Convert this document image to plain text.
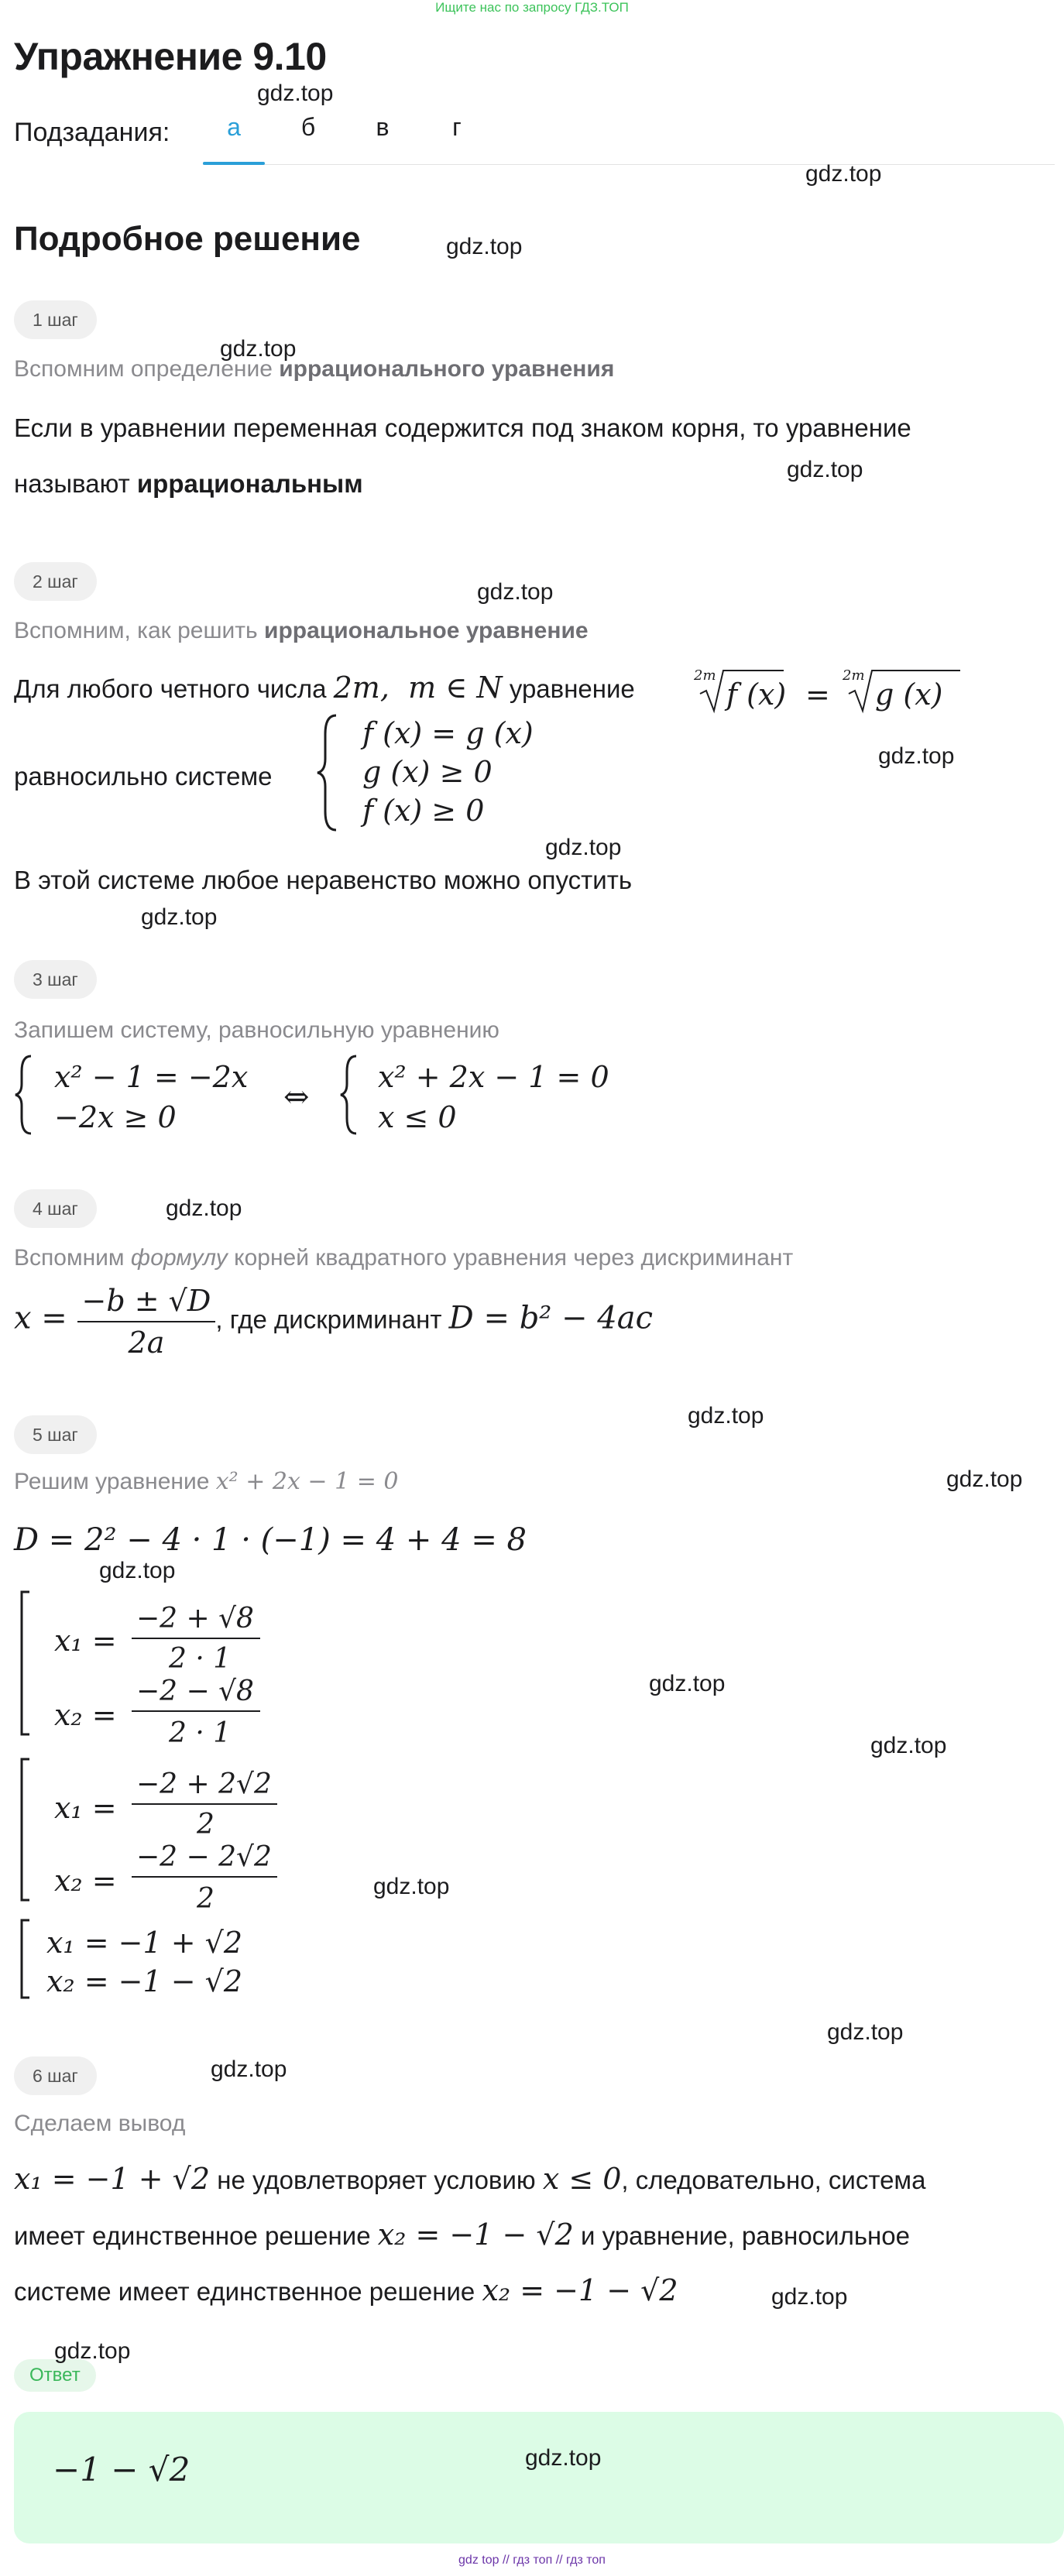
Ищите нас по запросу ГДЗ.ТОП
Упражнение 9.10
Подзадания:	а	б	в	г
Подробное решение
1 шаг
Вспомним определение иррационального уравнения
Если в уравнении переменная содержится под знаком корня, то уравнение
называют иррациональным
2 шаг
Вспомним, как решить иррациональное уравнение
Для любого четного числа 2m,  m ∈ N уравнение	2m
f (x) =
2m
g (x)
равносильно системе
f (x) = g (x)
g (x) ≥ 0
f (x) ≥ 0
В этой системе любое неравенство можно опустить
3 шаг
Запишем систему, равносильную уравнению
x² − 1 = −2x
−2x ≥ 0
⇔
x² + 2x − 1 = 0
x ≤ 0
4 шаг
Вспомним формулу корней квадратного уравнения через дискриминант
$x = \frac{-b \pm √D}{2a}$ , где дискриминант D = b² − 4ac
5 шаг
Решим уравнение x² + 2x − 1 = 0
D = 2² − 4 · 1 · (−1) = 4 + 4 = 8
x₁ =
−2 + √8
2 · 1
x₂ =
−2 − √8
2 · 1
x₁ =
−2 + 2√2
2
x₂ =
−2 − 2√2
2
x₁ = −1 + √2
x₂ = −1 − √2
6 шаг
Сделаем вывод
x₁ = −1 + √2 не удовлетворяет условию x ≤ 0, следовательно, система
имеет единственное решение x₂ = −1 − √2 и уравнение, равносильное
системе имеет единственное решение x₂ = −1 − √2
Ответ
−1 − √2
gdz.top
gdz.top
gdz.top
gdz.top
gdz.top
gdz.top
gdz.top
gdz.top
gdz.top
gdz.top
gdz.top
gdz.top
gdz.top
gdz.top
gdz.top
gdz.top
gdz.top
gdz.top
gdz.top
gdz.top
gdz.top
gdz top // гдз топ // гдз топ
